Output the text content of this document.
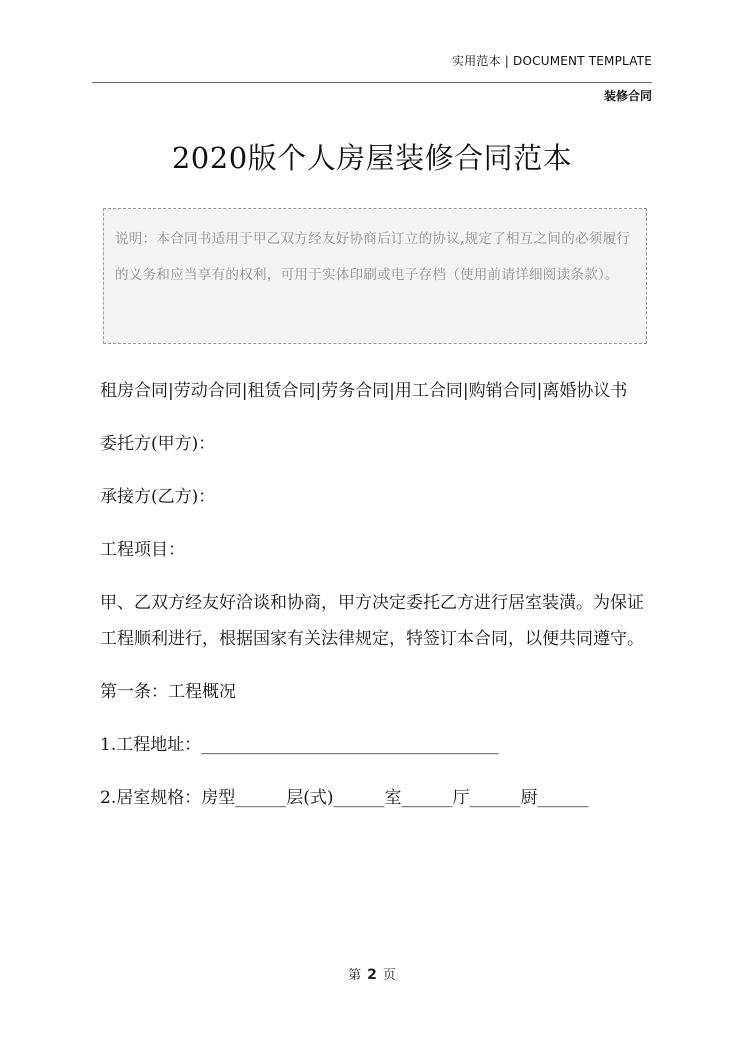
实用范本 | DOCUMENT TEMPLATE
装修合同
2020版个人房屋装修合同范本
说明：本合同书适用于甲乙双方经友好协商后订立的协议,规定了相互之间的必须履行的义务和应当享有的权利，可用于实体印刷或电子存档（使用前请详细阅读条款）。

租房合同|劳动合同|租赁合同|劳务合同|用工合同|购销合同|离婚协议书

委托方(甲方)：

承接方(乙方)：

工程项目：

甲、乙双方经友好洽谈和协商，甲方决定委托乙方进行居室装潢。为保证工程顺利进行，根据国家有关法律规定，特签订本合同，以便共同遵守。

第一条：工程概况

1.工程地址：___________________________________

2.居室规格：房型______层(式)______室______厅______厨______

第 2 页
